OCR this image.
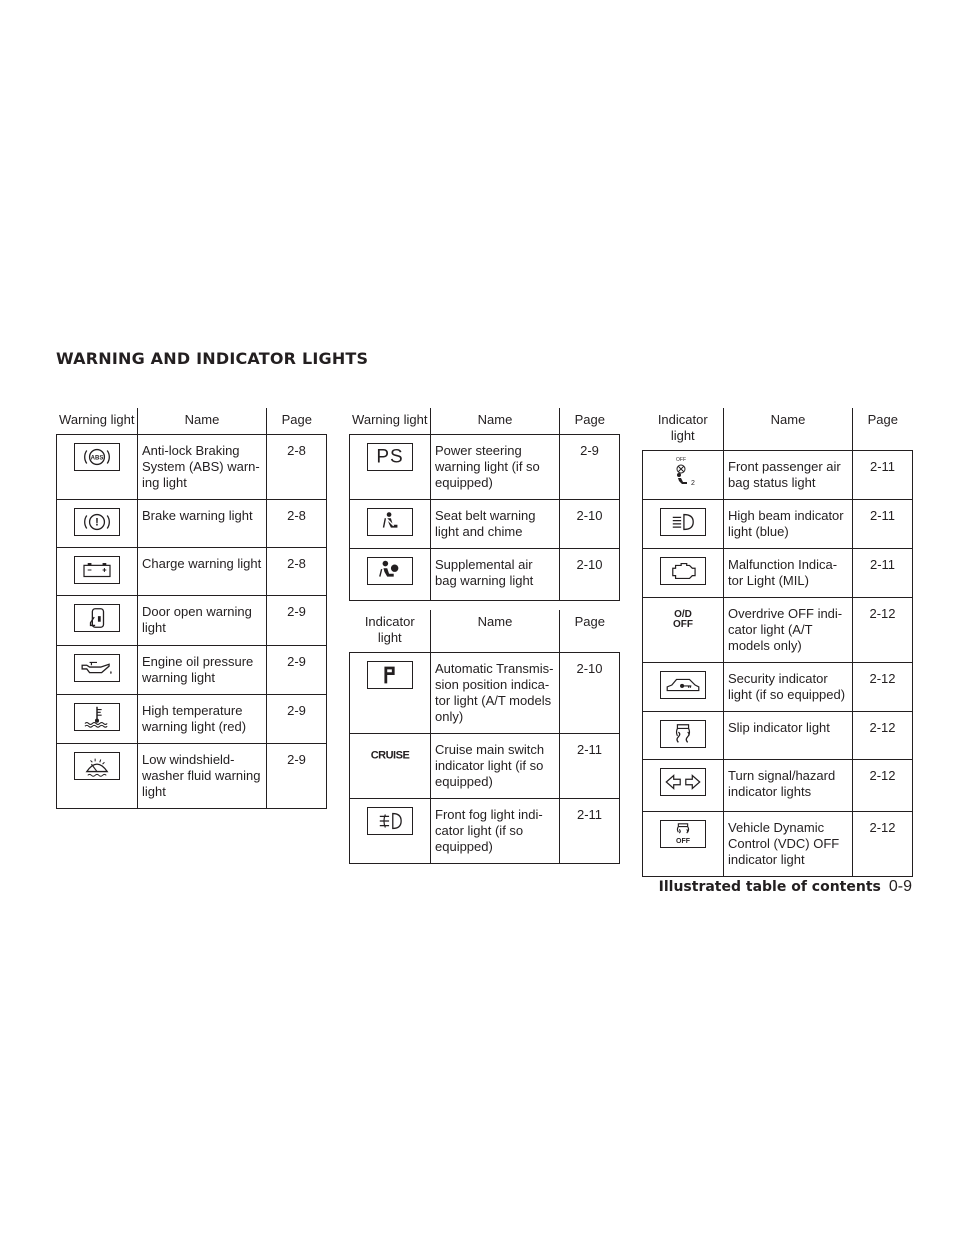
WARNING AND INDICATOR LIGHTS
Warning light	Name	Page

ABS	Anti-lock Braking System (ABS) warn- ing light	2-8

!	Brake warning light	2-8

	Charge warning light	2-8

	Door open warning light	2-9

	Engine oil pressure warning light	2-9

	High temperature warning light (red)	2-9

	Low windshield- washer fluid warning light	2-9
Warning light	Name	Page

PS	Power steering warning light (if so equipped)	2-9

	Seat belt warning light and chime	2-10

	Supplemental air bag warning light	2-10
Indicator light	Name	Page

	Automatic Transmis- sion position indica- tor light (A/T models only)	2-10

CRUISE	Cruise main switch indicator light (if so equipped)	2-11

	Front fog light indi- cator light (if so equipped)	2-11
Indicator light	Name	Page

2
OFF	Front passenger air bag status light	2-11

	High beam indicator light (blue)	2-11

	Malfunction Indica- tor Light (MIL)	2-11

O/D OFF	Overdrive OFF indi- cator light (A/T models only)	2-12

	Security indicator light (if so equipped)	2-12

	Slip indicator light	2-12

	Turn signal/hazard indicator lights	2-12

OFF	Vehicle Dynamic Control (VDC) OFF indicator light	2-12
Illustrated table of contents 0-9
